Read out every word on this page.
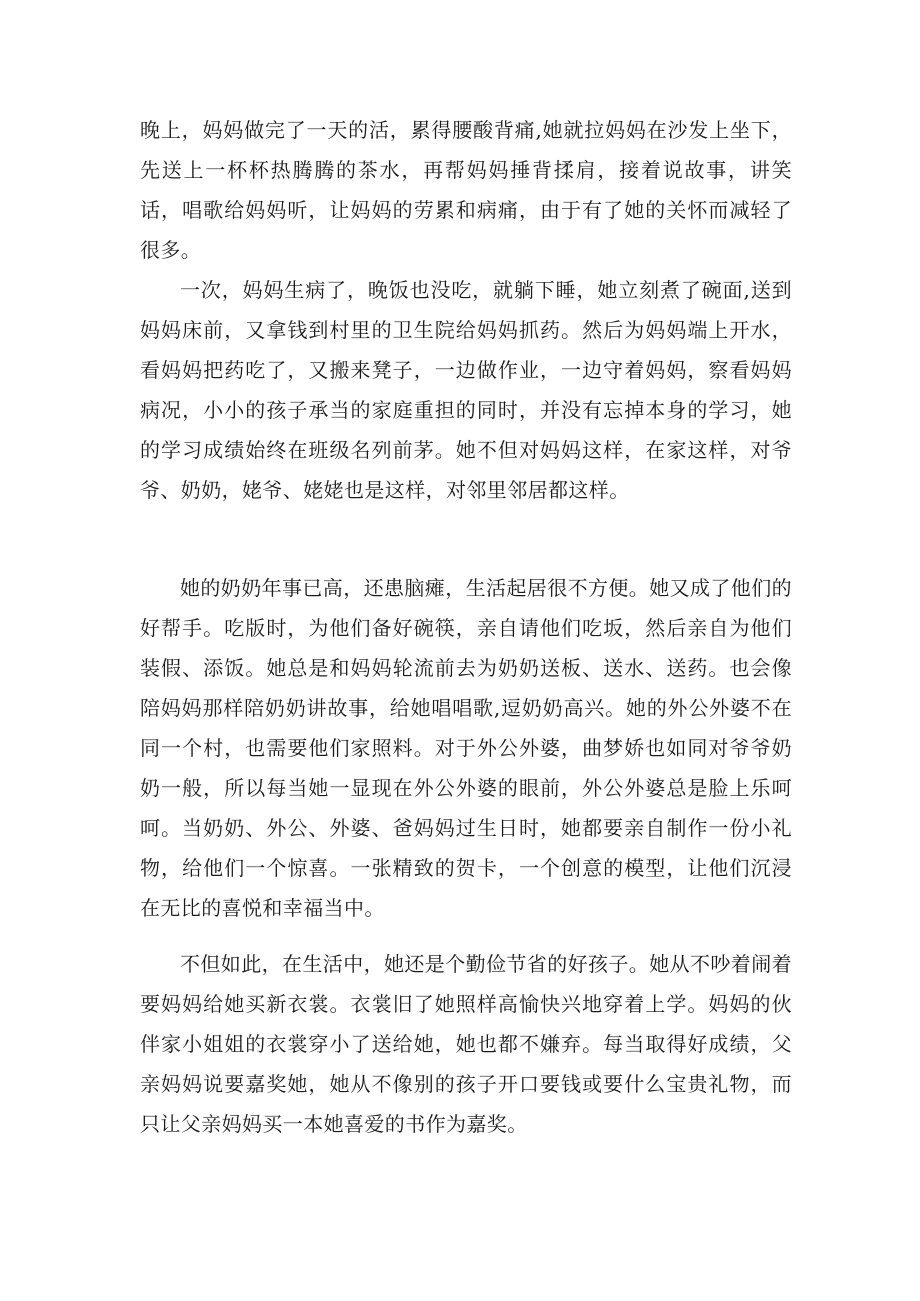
晚上，妈妈做完了一天的活，累得腰酸背痛,她就拉妈妈在沙发上坐下，先送上一杯杯热腾腾的茶水，再帮妈妈捶背揉肩，接着说故事，讲笑话，唱歌给妈妈听，让妈妈的劳累和病痛，由于有了她的关怀而减轻了很多。

一次，妈妈生病了，晚饭也没吃，就躺下睡，她立刻煮了碗面,送到妈妈床前，又拿钱到村里的卫生院给妈妈抓药。然后为妈妈端上开水，看妈妈把药吃了，又搬来凳子，一边做作业，一边守着妈妈，察看妈妈病况，小小的孩子承当的家庭重担的同时，并没有忘掉本身的学习，她的学习成绩始终在班级名列前茅。她不但对妈妈这样，在家这样，对爷爷、奶奶，姥爷、姥姥也是这样，对邻里邻居都这样。

她的奶奶年事已高，还患脑瘫，生活起居很不方便。她又成了他们的好帮手。吃版时，为他们备好碗筷，亲自请他们吃坂，然后亲自为他们装假、添饭。她总是和妈妈轮流前去为奶奶送板、送水、送药。也会像陪妈妈那样陪奶奶讲故事，给她唱唱歌,逗奶奶高兴。她的外公外婆不在同一个村，也需要他们家照料。对于外公外婆，曲梦娇也如同对爷爷奶奶一般，所以每当她一显现在外公外婆的眼前，外公外婆总是脸上乐呵呵。当奶奶、外公、外婆、爸妈妈过生日时，她都要亲自制作一份小礼物，给他们一个惊喜。一张精致的贺卡，一个创意的模型，让他们沉浸在无比的喜悦和幸福当中。

不但如此，在生活中，她还是个勤俭节省的好孩子。她从不吵着闹着要妈妈给她买新衣裳。衣裳旧了她照样高愉快兴地穿着上学。妈妈的伙伴家小姐姐的衣裳穿小了送给她，她也都不嫌弃。每当取得好成绩，父亲妈妈说要嘉奖她，她从不像别的孩子开口要钱或要什么宝贵礼物，而只让父亲妈妈买一本她喜爱的书作为嘉奖。
